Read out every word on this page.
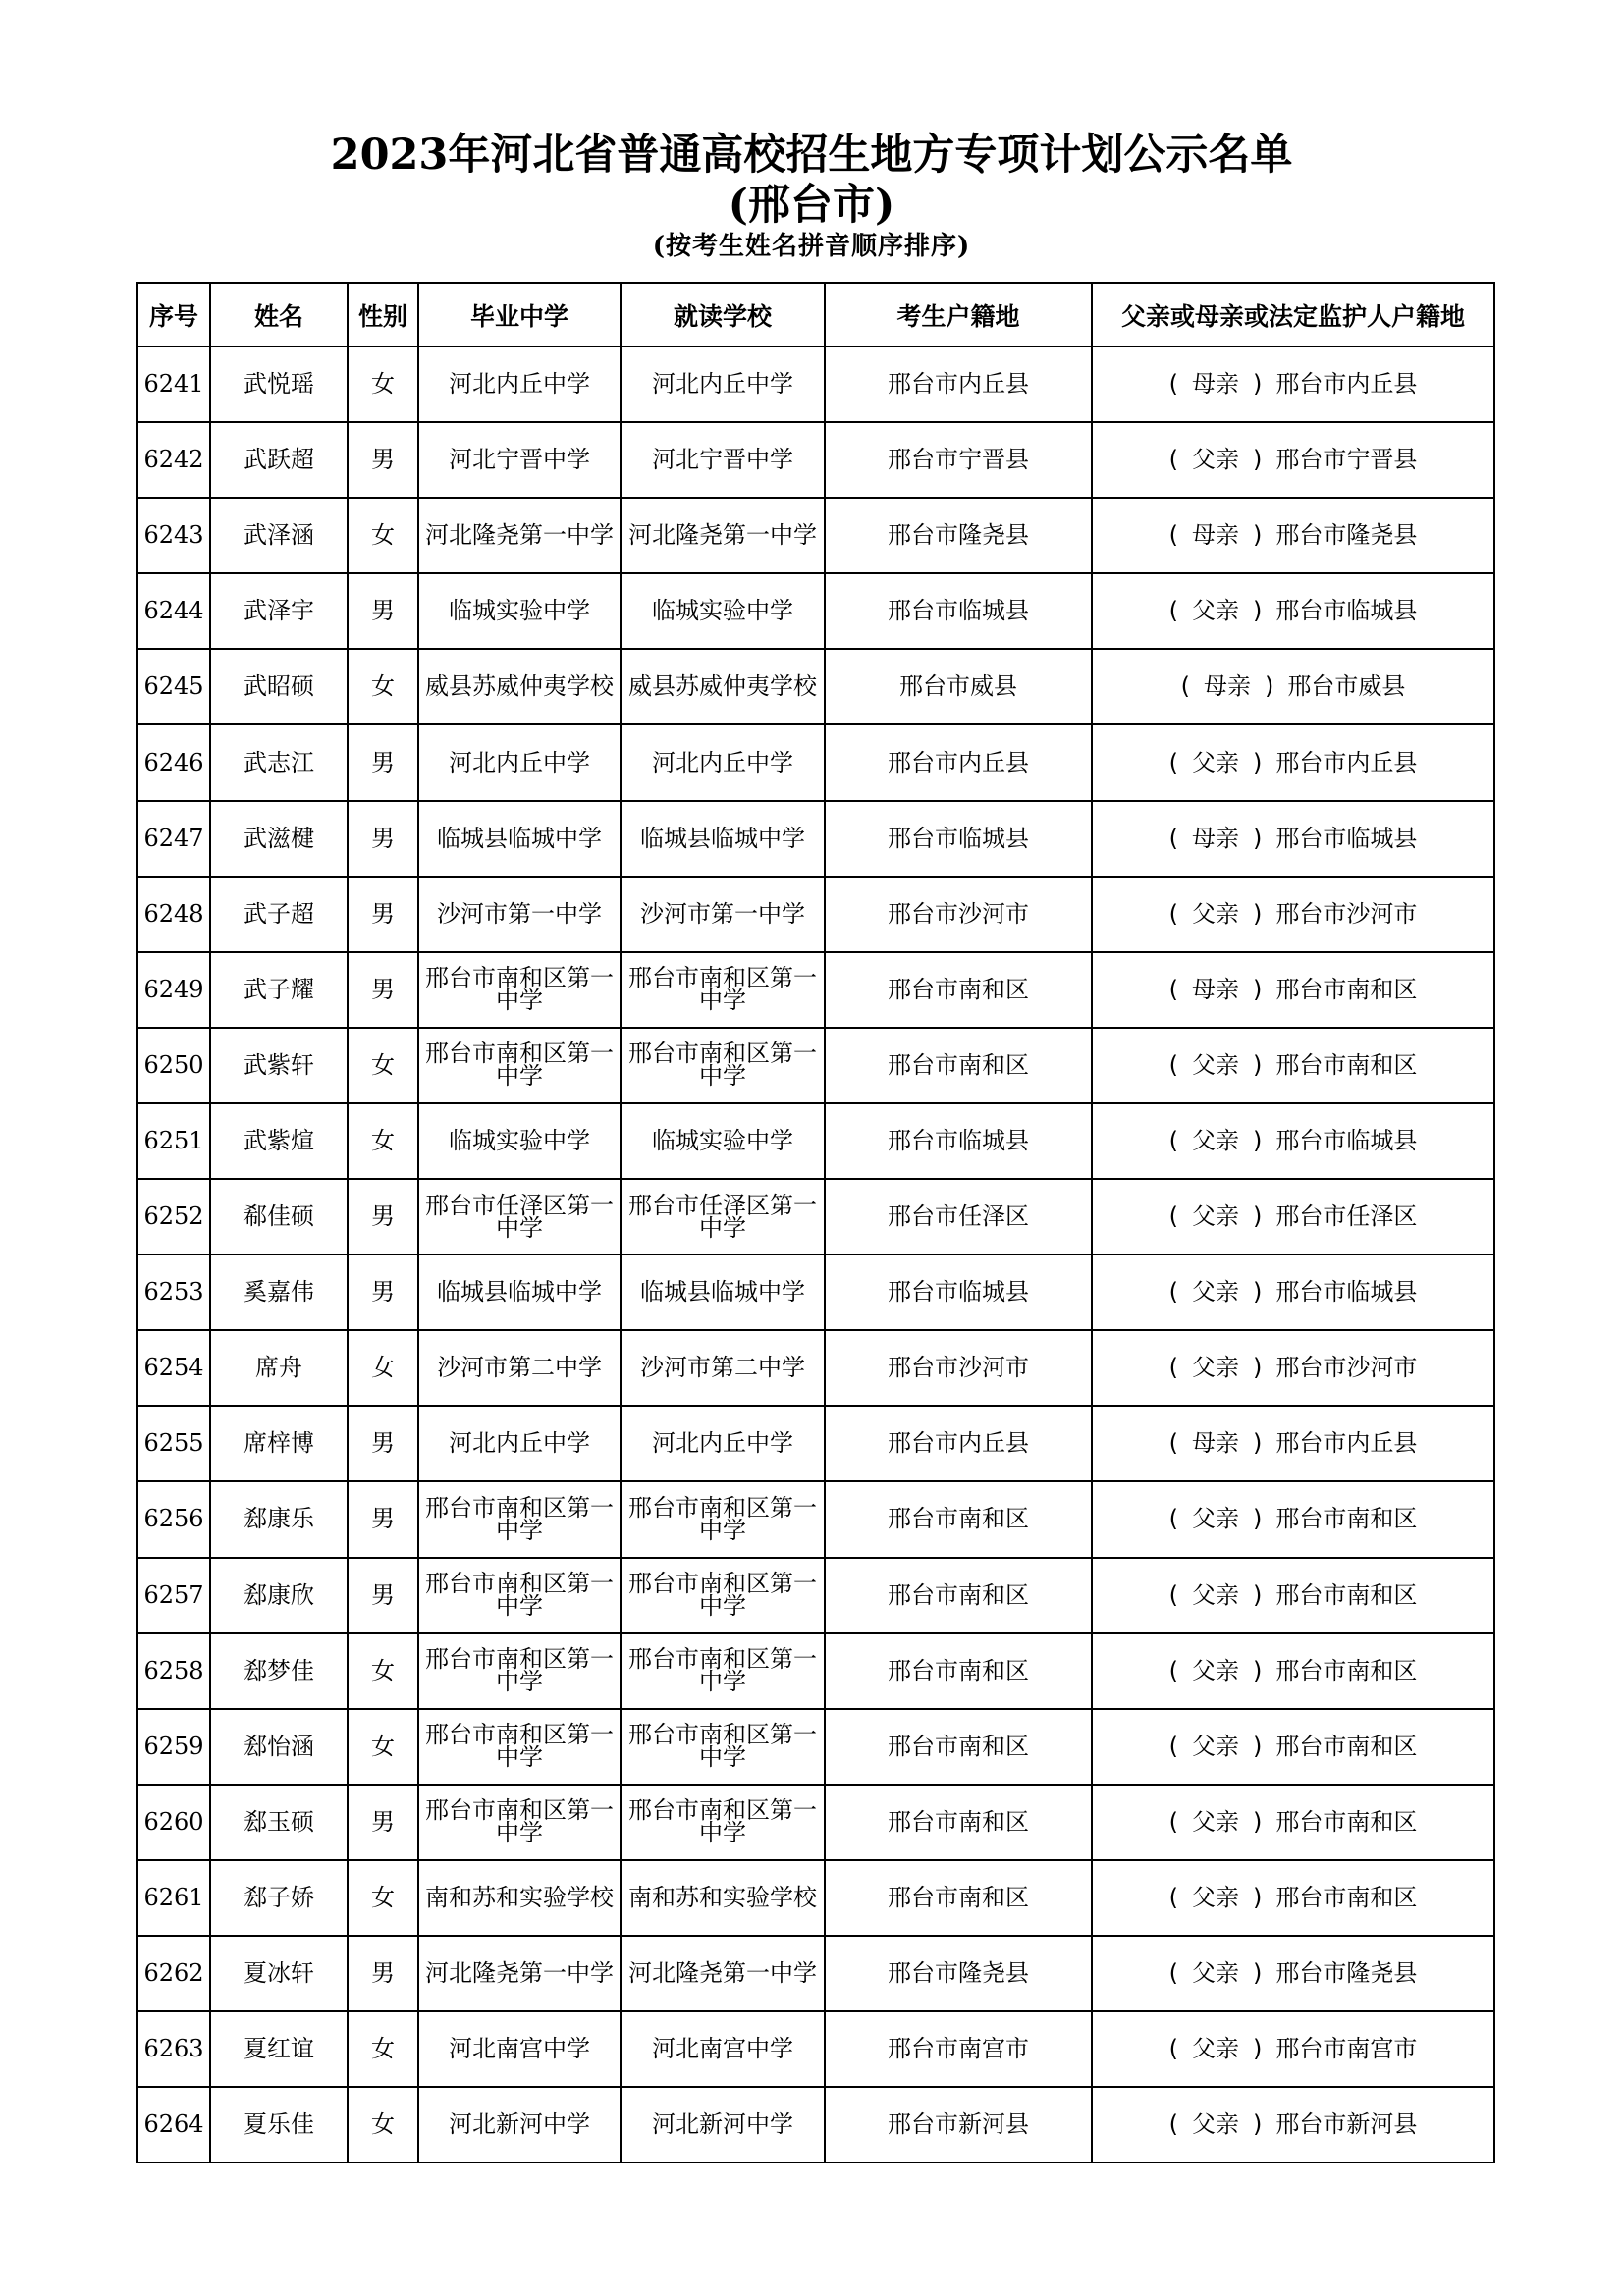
2023年河北省普通高校招生地方专项计划公示名单
(邢台市)
(按考生姓名拼音顺序排序)
序号	姓名	性别	毕业中学	就读学校	考生户籍地	父亲或母亲或法定监护人户籍地
6241	武悦瑶	女	河北内丘中学	河北内丘中学	邢台市内丘县	( 母亲 ) 邢台市内丘县
6242	武跃超	男	河北宁晋中学	河北宁晋中学	邢台市宁晋县	( 父亲 ) 邢台市宁晋县
6243	武泽涵	女	河北隆尧第一中学	河北隆尧第一中学	邢台市隆尧县	( 母亲 ) 邢台市隆尧县
6244	武泽宇	男	临城实验中学	临城实验中学	邢台市临城县	( 父亲 ) 邢台市临城县
6245	武昭硕	女	威县苏威仲夷学校	威县苏威仲夷学校	邢台市威县	( 母亲 ) 邢台市威县
6246	武志江	男	河北内丘中学	河北内丘中学	邢台市内丘县	( 父亲 ) 邢台市内丘县
6247	武滋楗	男	临城县临城中学	临城县临城中学	邢台市临城县	( 母亲 ) 邢台市临城县
6248	武子超	男	沙河市第一中学	沙河市第一中学	邢台市沙河市	( 父亲 ) 邢台市沙河市
6249	武子耀	男	邢台市南和区第一中学	邢台市南和区第一中学	邢台市南和区	( 母亲 ) 邢台市南和区
6250	武紫轩	女	邢台市南和区第一中学	邢台市南和区第一中学	邢台市南和区	( 父亲 ) 邢台市南和区
6251	武紫煊	女	临城实验中学	临城实验中学	邢台市临城县	( 父亲 ) 邢台市临城县
6252	郗佳硕	男	邢台市任泽区第一中学	邢台市任泽区第一中学	邢台市任泽区	( 父亲 ) 邢台市任泽区
6253	奚嘉伟	男	临城县临城中学	临城县临城中学	邢台市临城县	( 父亲 ) 邢台市临城县
6254	席舟	女	沙河市第二中学	沙河市第二中学	邢台市沙河市	( 父亲 ) 邢台市沙河市
6255	席梓博	男	河北内丘中学	河北内丘中学	邢台市内丘县	( 母亲 ) 邢台市内丘县
6256	郄康乐	男	邢台市南和区第一中学	邢台市南和区第一中学	邢台市南和区	( 父亲 ) 邢台市南和区
6257	郄康欣	男	邢台市南和区第一中学	邢台市南和区第一中学	邢台市南和区	( 父亲 ) 邢台市南和区
6258	郄梦佳	女	邢台市南和区第一中学	邢台市南和区第一中学	邢台市南和区	( 父亲 ) 邢台市南和区
6259	郄怡涵	女	邢台市南和区第一中学	邢台市南和区第一中学	邢台市南和区	( 父亲 ) 邢台市南和区
6260	郄玉硕	男	邢台市南和区第一中学	邢台市南和区第一中学	邢台市南和区	( 父亲 ) 邢台市南和区
6261	郄子娇	女	南和苏和实验学校	南和苏和实验学校	邢台市南和区	( 父亲 ) 邢台市南和区
6262	夏冰轩	男	河北隆尧第一中学	河北隆尧第一中学	邢台市隆尧县	( 父亲 ) 邢台市隆尧县
6263	夏红谊	女	河北南宫中学	河北南宫中学	邢台市南宫市	( 父亲 ) 邢台市南宫市
6264	夏乐佳	女	河北新河中学	河北新河中学	邢台市新河县	( 父亲 ) 邢台市新河县
